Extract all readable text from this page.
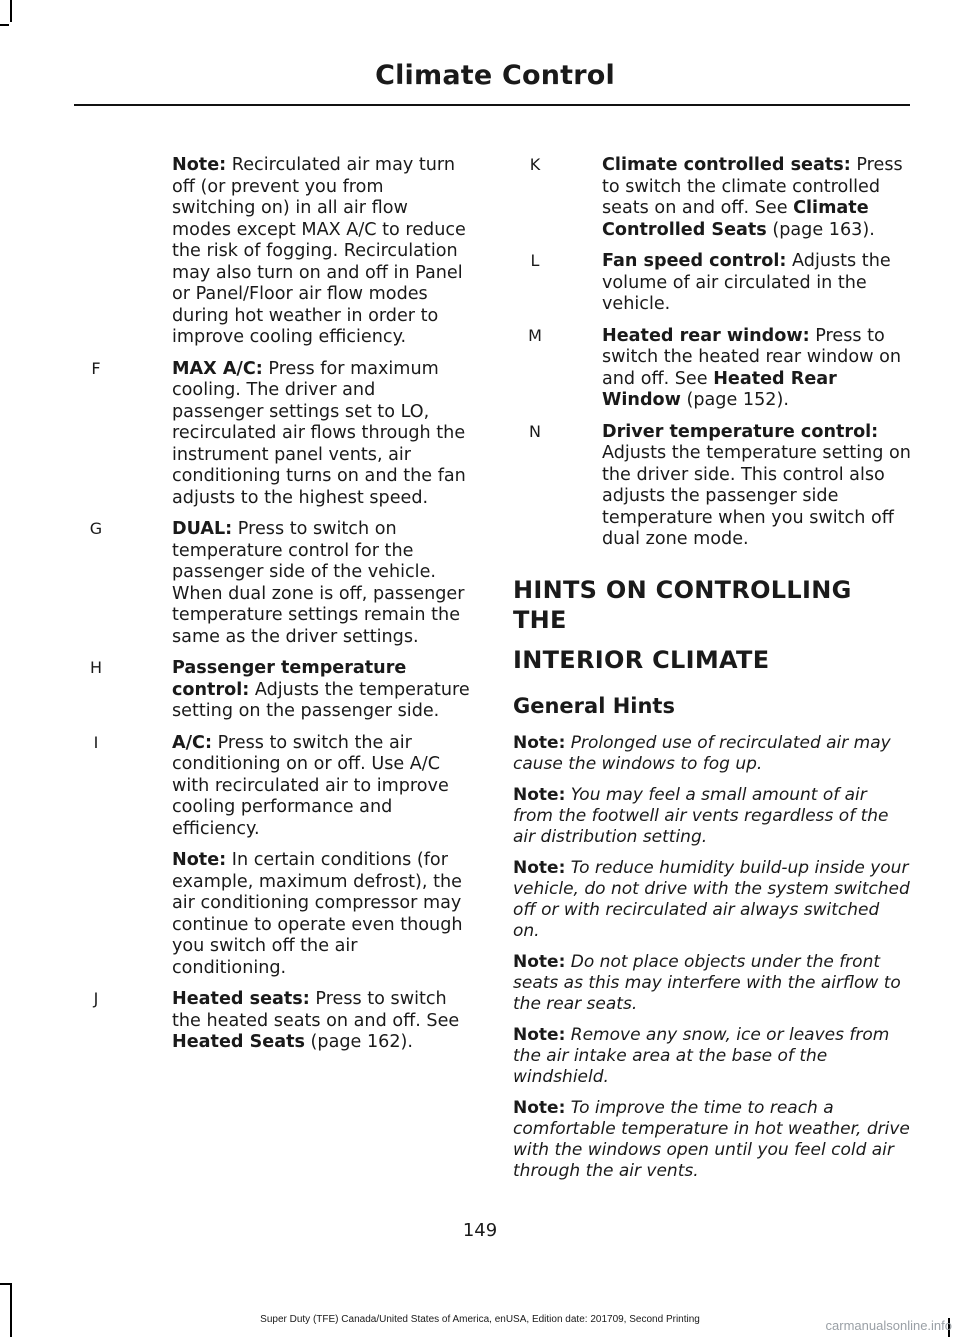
Climate Control
Note: Recirculated air may turn off (or prevent you from switching on) in all air flow modes except MAX A/C to reduce the risk of fogging. Recirculation may also turn on and off in Panel or Panel/Floor air flow modes during hot weather in order to improve cooling efficiency.
F	MAX A/C: Press for maximum cooling. The driver and passenger settings set to LO, recirculated air flows through the instrument panel vents, air conditioning turns on and the fan adjusts to the highest speed.
G	DUAL: Press to switch on temperature control for the passenger side of the vehicle. When dual zone is off, passenger temperature settings remain the same as the driver settings.
H	Passenger temperature control: Adjusts the temperature setting on the passenger side.
I	A/C: Press to switch the air conditioning on or off. Use A/C with recirculated air to improve cooling performance and efficiency.
Note: In certain conditions (for example, maximum defrost), the air conditioning compressor may continue to operate even though you switch off the air conditioning.
J	Heated seats: Press to switch the heated seats on and off. See Heated Seats (page 162).
K	Climate controlled seats: Press to switch the climate controlled seats on and off. See Climate Controlled Seats (page 163).
L	Fan speed control: Adjusts the volume of air circulated in the vehicle.
M	Heated rear window: Press to switch the heated rear window on and off. See Heated Rear Window (page 152).
N	Driver temperature control: Adjusts the temperature setting on the driver side. This control also adjusts the passenger side temperature when you switch off dual zone mode.
HINTS ON CONTROLLING THE
INTERIOR CLIMATE
General Hints
Note: Prolonged use of recirculated air may cause the windows to fog up.
Note: You may feel a small amount of air from the footwell air vents regardless of the air distribution setting.
Note: To reduce humidity build-up inside your vehicle, do not drive with the system switched off or with recirculated air always switched on.
Note: Do not place objects under the front seats as this may interfere with the airflow to the rear seats.
Note: Remove any snow, ice or leaves from the air intake area at the base of the windshield.
Note: To improve the time to reach a comfortable temperature in hot weather, drive with the windows open until you feel cold air through the air vents.
149
Super Duty (TFE) Canada/United States of America, enUSA, Edition date: 201709, Second Printing	carmanualsonline.info
